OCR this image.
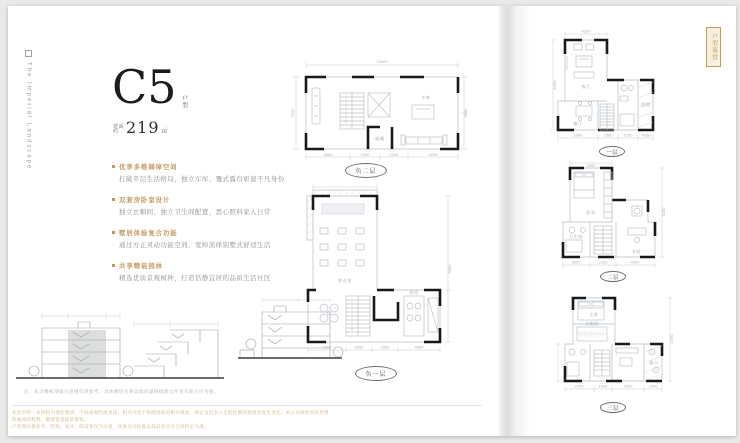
The Imperial Landscape C5 户型
建面约 219 ㎡
优享多维阔绰空间
打破平层生活格局，独立车库、覆式露台彰显不凡身份
双套房卧室设计
独立衣帽间、独立卫生间配置，悉心照料家人日常
墅居体验复合功能
通过方正灵动功能空间，宽绰演绎别墅式舒适生活
共享精装园林
精选优质景观树种，打造恬静宜居的品质生活社区
注：本页楼栋剖面示意图仅供参考，具体楼层关系以政府最终批准文件及实际交付为准。
免责声明：本资料为要约邀请，不构成要约或承诺；相关内容不排除因政府相关规划、规定及出卖人未能控制的原因而发生变化；本公司保留对宣传资料修改的权利，敬请留意最新资料。
户型图仅供参考，装饰、家具、陈设等仅为示意，具体交付标准以商品房买卖合同约定为准。
13500
3600	2400	2100	4200
7200	6900
车库
储藏
负二层
3300	2400	1500	4800
9600
影音室
厨房
负一层
4200
3900	1500	1200 4500
5400	客厅
餐厅
庭院
一层
4500
3600	2100	4200
5100
卧室
卫生间
书房
二层
2700	1800	1500	3000
3700
主卧
衣帽间
露台
三层
户型鉴赏
